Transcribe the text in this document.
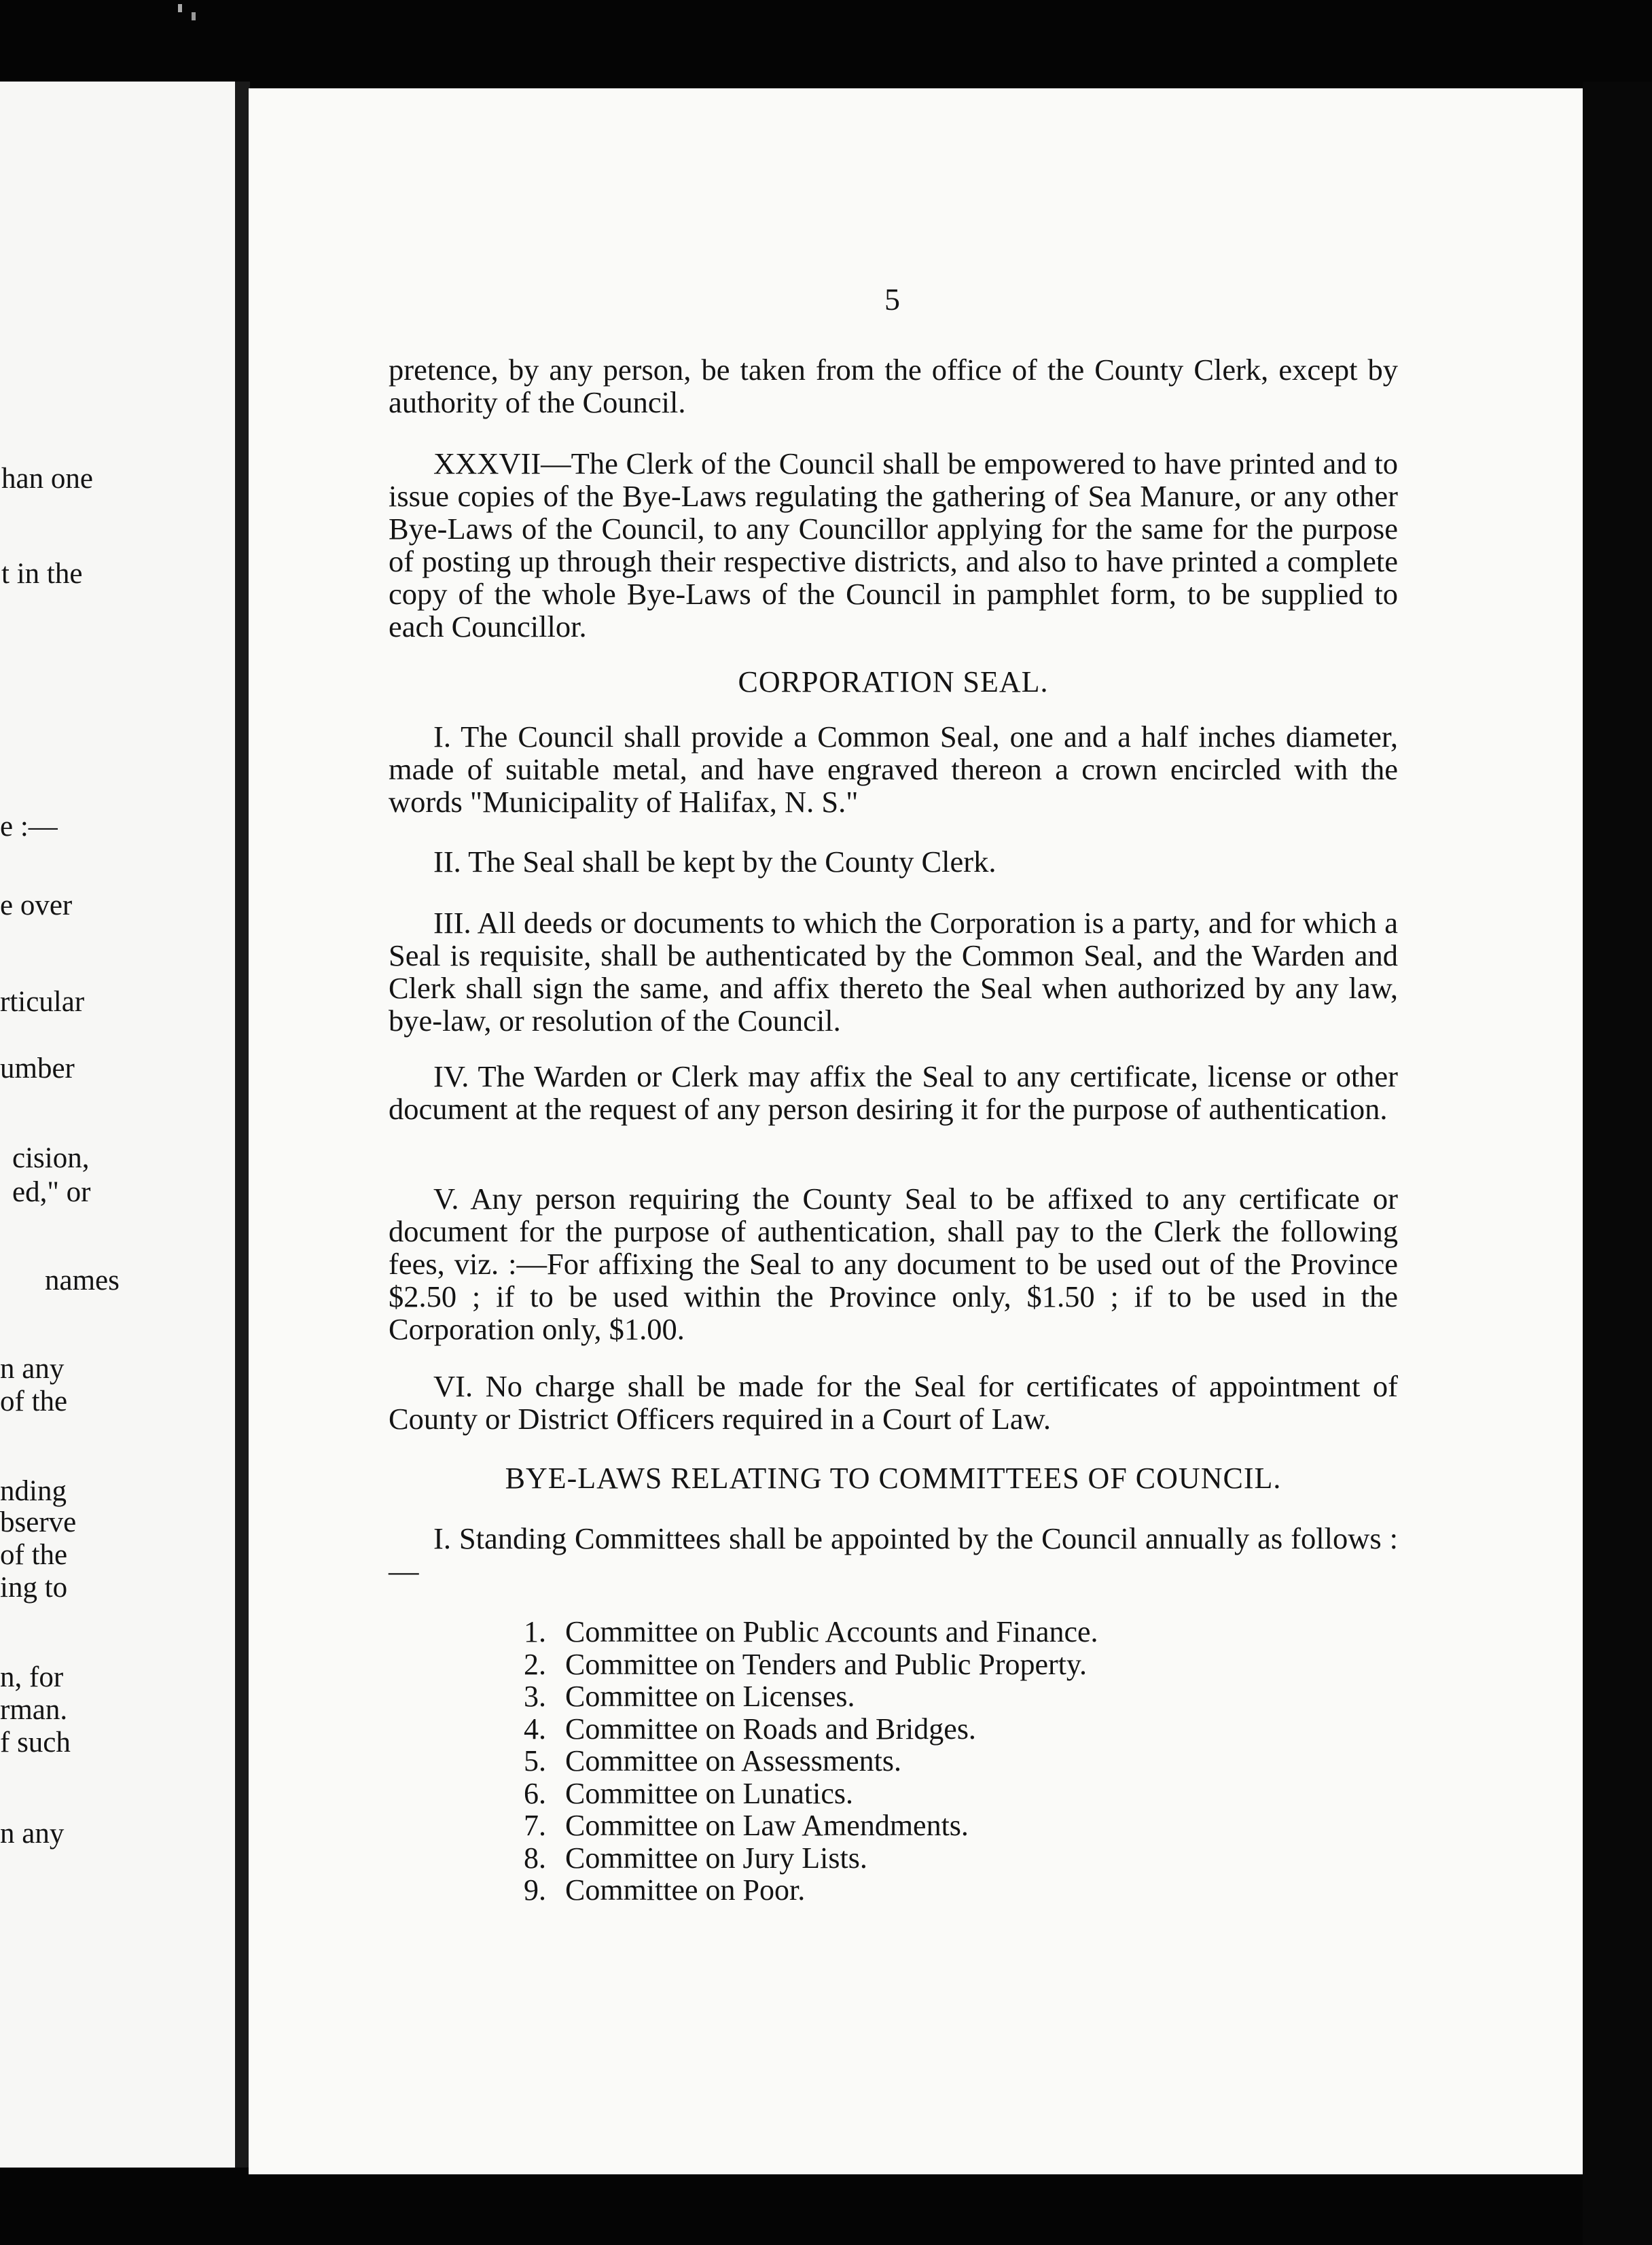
han one
t in the
e :—
e over
rticular
umber
cision,
ed," or
names
n any
of the
nding
bserve
of the
ing to
n, for
rman.
f such
n any
5

pretence, by any person, be taken from the office of the County Clerk, except by authority of the Council.

XXXVII—The Clerk of the Council shall be empowered to have printed and to issue copies of the Bye-Laws regulating the gathering of Sea Manure, or any other Bye-Laws of the Council, to any Councillor applying for the same for the purpose of posting up through their respective districts, and also to have printed a complete copy of the whole Bye-Laws of the Council in pamphlet form, to be supplied to each Councillor.

CORPORATION SEAL.

I. The Council shall provide a Common Seal, one and a half inches diameter, made of suitable metal, and have engraved thereon a crown encircled with the words "Municipality of Halifax, N. S."

II. The Seal shall be kept by the County Clerk.

III. All deeds or documents to which the Corporation is a party, and for which a Seal is requisite, shall be authenticated by the Common Seal, and the Warden and Clerk shall sign the same, and affix thereto the Seal when authorized by any law, bye-law, or resolution of the Council.

IV. The Warden or Clerk may affix the Seal to any certificate, license or other document at the request of any person desiring it for the purpose of authentication.

V. Any person requiring the County Seal to be affixed to any certificate or document for the purpose of authentication, shall pay to the Clerk the following fees, viz. :—For affixing the Seal to any document to be used out of the Province $2.50 ; if to be used within the Province only, $1.50 ; if to be used in the Corporation only, $1.00.

VI. No charge shall be made for the Seal for certificates of appointment of County or District Officers required in a Court of Law.

BYE-LAWS RELATING TO COMMITTEES OF COUNCIL.

I. Standing Committees shall be appointed by the Council annually as follows :—

1. Committee on Public Accounts and Finance.
2. Committee on Tenders and Public Property.
3. Committee on Licenses.
4. Committee on Roads and Bridges.
5. Committee on Assessments.
6. Committee on Lunatics.
7. Committee on Law Amendments.
8. Committee on Jury Lists.
9. Committee on Poor.
